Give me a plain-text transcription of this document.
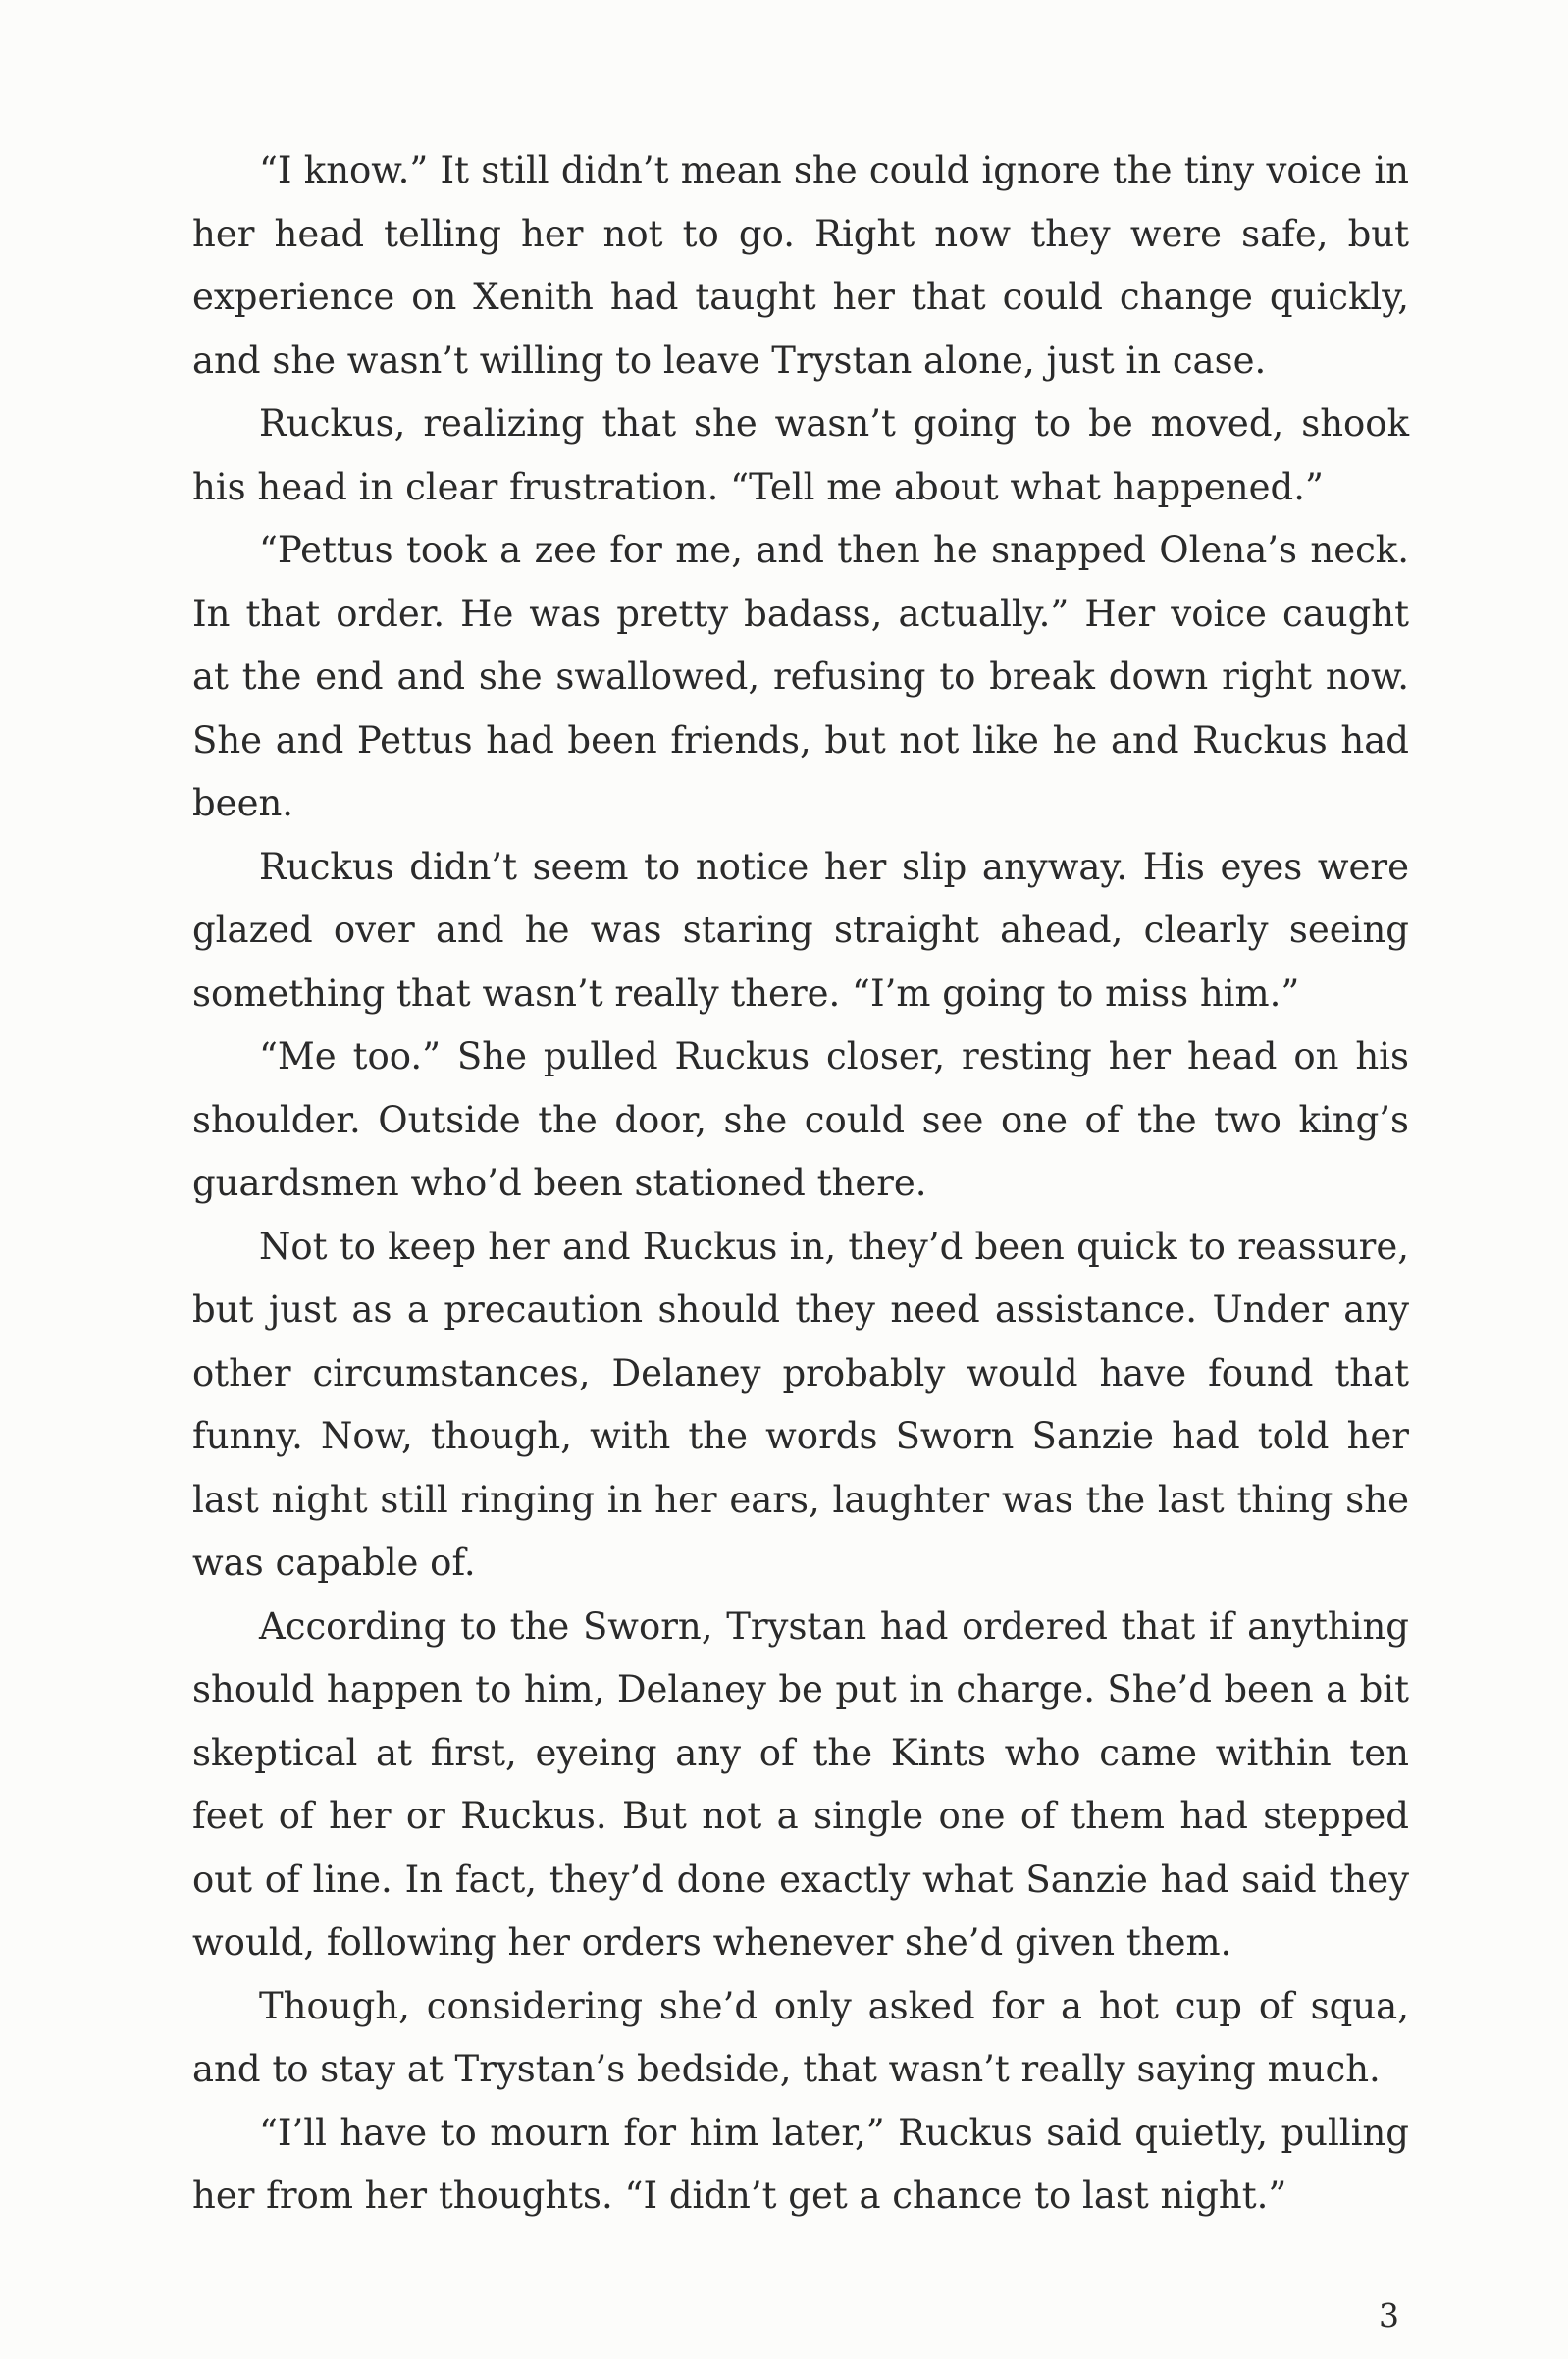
“I know.” It still didn’t mean she could ignore the tiny voice in her head telling her not to go. Right now they were safe, but experience on Xenith had taught her that could change quickly, and she wasn’t willing to leave Trystan alone, just in case.

Ruckus, realizing that she wasn’t going to be moved, shook his head in clear frustration. “Tell me about what happened.”

“Pettus took a zee for me, and then he snapped Olena’s neck. In that order. He was pretty badass, actually.” Her voice caught at the end and she swallowed, refusing to break down right now. She and Pettus had been friends, but not like he and Ruckus had been.

Ruckus didn’t seem to notice her slip anyway. His eyes were glazed over and he was staring straight ahead, clearly seeing something that wasn’t really there. “I’m going to miss him.”

“Me too.” She pulled Ruckus closer, resting her head on his shoulder. Outside the door, she could see one of the two king’s guardsmen who’d been stationed there.

Not to keep her and Ruckus in, they’d been quick to reassure, but just as a precaution should they need assistance. Under any other circumstances, Delaney probably would have found that funny. Now, though, with the words Sworn Sanzie had told her last night still ringing in her ears, laughter was the last thing she was capable of.

According to the Sworn, Trystan had ordered that if anything should happen to him, Delaney be put in charge. She’d been a bit skeptical at first, eyeing any of the Kints who came within ten feet of her or Ruckus. But not a single one of them had stepped out of line. In fact, they’d done exactly what Sanzie had said they would, following her orders whenever she’d given them.

Though, considering she’d only asked for a hot cup of squa, and to stay at Trystan’s bedside, that wasn’t really saying much.

“I’ll have to mourn for him later,” Ruckus said quietly, pulling her from her thoughts. “I didn’t get a chance to last night.”

3
